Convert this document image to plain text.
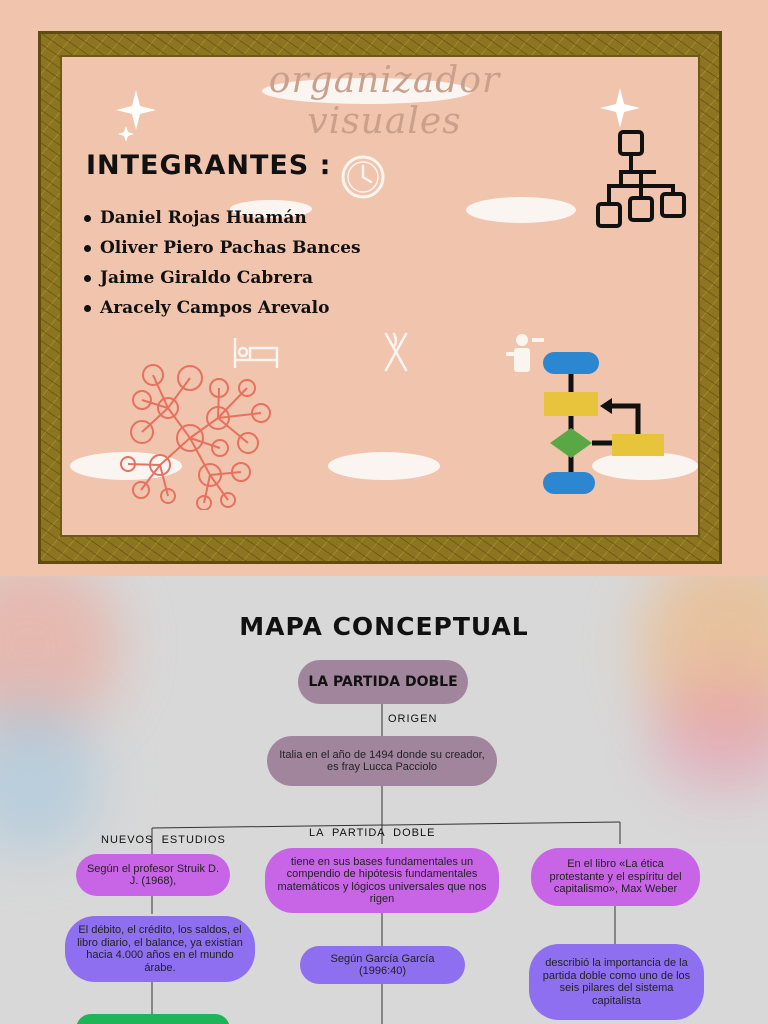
organizador visuales
INTEGRANTES :
Daniel Rojas Huamán
Oliver Piero Pachas Bances
Jaime Giraldo Cabrera
Aracely Campos Arevalo
MAPA CONCEPTUAL
LA PARTIDA DOBLE
ORIGEN
Italia en el año de 1494 donde su creador, es fray Lucca Pacciolo
NUEVOS  ESTUDIOS
LA  PARTIDA  DOBLE
Según el profesor Struik D. J. (1968),
El débito, el crédito, los saldos, el libro diario, el balance, ya existían hacia 4.000 años en el mundo árabe.
tiene en sus bases fundamentales un compendio de hipótesis fundamentales matemáticos y lógicos universales que nos rigen
Según García García (1996:40)
En el libro «La ética protestante y el espíritu del capitalismo», Max Weber
describió la importancia de la partida doble como uno de los seis pilares del sistema capitalista
